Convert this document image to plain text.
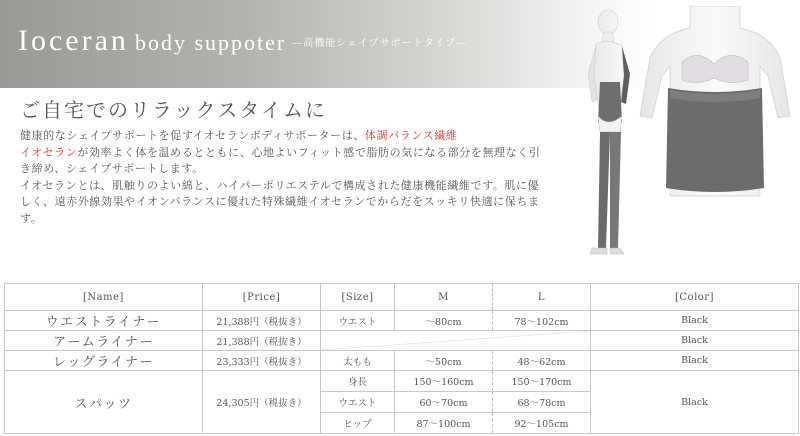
Ioceran body suppoter $^{—高機能シェイプサポートタイプ—}$
ご自宅でのリラックスタイムに
健康的なシェイプサポートを促すイオセランボディサポーターは、体調バランス繊維
イオセランが効率よく体を温めるとともに、心地よいフィット感で脂肪の気になる部分を無理なく引き締め、シェイプサポートします。
イオセランとは、肌触りのよい綿と、ハイパーポリエステルで構成された健康機能繊維です。肌に優しく、遠赤外線効果やイオンバランスに優れた特殊繊維イオセランでからだをスッキリ快適に保ちます。
[Name]	[Price]	[Size]	M	L	[Color]
ウエストライナー	21,388円（税抜き）	ウエスト	～80cm	78～102cm	Black
アームライナー	21,388円（税抜き）				Black
レッグライナー	23,333円（税抜き）	太もも	～50cm	48～62cm	Black
スパッツ	24,305円（税抜き）	身長	150～160cm	150～170cm	Black
		ウエスト	60～70cm	68～78cm	
		ヒップ	87～100cm	92～105cm	
